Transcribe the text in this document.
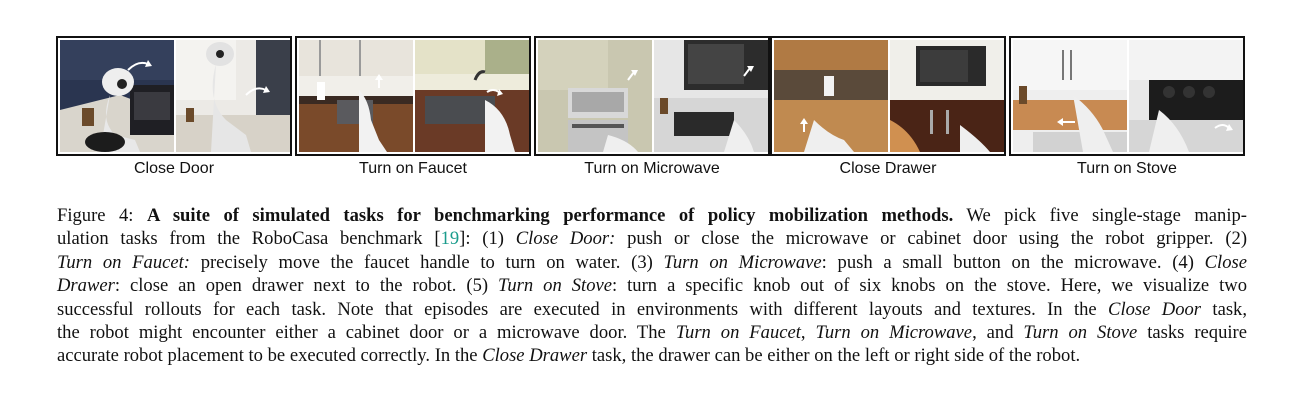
Close Door	Turn on Faucet	Turn on Microwave	Close Drawer	Turn on Stove
Figure 4: A suite of simulated tasks for benchmarking performance of policy mobilization methods. We pick five single-stage manip-
ulation tasks from the RoboCasa benchmark [19]: (1) Close Door: push or close the microwave or cabinet door using the robot gripper. (2)
Turn on Faucet: precisely move the faucet handle to turn on water. (3) Turn on Microwave: push a small button on the microwave. (4) Close
Drawer: close an open drawer next to the robot. (5) Turn on Stove: turn a specific knob out of six knobs on the stove. Here, we visualize two
successful rollouts for each task. Note that episodes are executed in environments with different layouts and textures. In the Close Door task,
the robot might encounter either a cabinet door or a microwave door. The Turn on Faucet, Turn on Microwave, and Turn on Stove tasks require
accurate robot placement to be executed correctly. In the Close Drawer task, the drawer can be either on the left or right side of the robot.
